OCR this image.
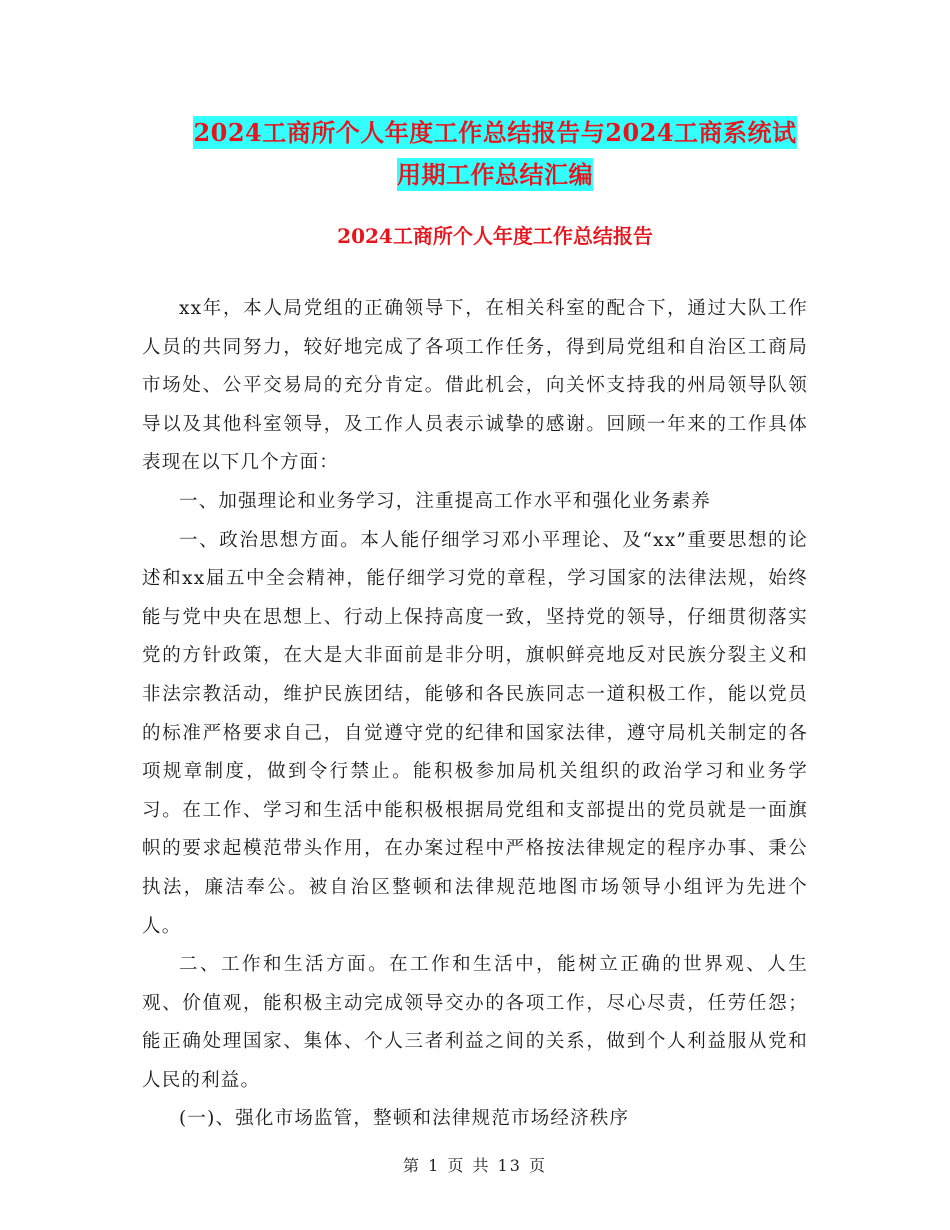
2024工商所个人年度工作总结报告与2024工商系统试
用期工作总结汇编
2024工商所个人年度工作总结报告

xx年，本人局党组的正确领导下，在相关科室的配合下，通过大队工作人员的共同努力，较好地完成了各项工作任务，得到局党组和自治区工商局市场处、公平交易局的充分肯定。借此机会，向关怀支持我的州局领导队领导以及其他科室领导，及工作人员表示诚挚的感谢。回顾一年来的工作具体表现在以下几个方面：

一、加强理论和业务学习，注重提高工作水平和强化业务素养

一、政治思想方面。本人能仔细学习邓小平理论、及“xx”重要思想的论述和xx届五中全会精神，能仔细学习党的章程，学习国家的法律法规，始终能与党中央在思想上、行动上保持高度一致，坚持党的领导，仔细贯彻落实党的方针政策，在大是大非面前是非分明，旗帜鲜亮地反对民族分裂主义和非法宗教活动，维护民族团结，能够和各民族同志一道积极工作，能以党员的标准严格要求自己，自觉遵守党的纪律和国家法律，遵守局机关制定的各项规章制度，做到令行禁止。能积极参加局机关组织的政治学习和业务学习。在工作、学习和生活中能积极根据局党组和支部提出的党员就是一面旗帜的要求起模范带头作用，在办案过程中严格按法律规定的程序办事、秉公执法，廉洁奉公。被自治区整顿和法律规范地图市场领导小组评为先进个人。

二、工作和生活方面。在工作和生活中，能树立正确的世界观、人生观、价值观，能积极主动完成领导交办的各项工作，尽心尽责，任劳任怨；能正确处理国家、集体、个人三者利益之间的关系，做到个人利益服从党和人民的利益。

(一)、强化市场监管，整顿和法律规范市场经济秩序

第 1 页 共 13 页
